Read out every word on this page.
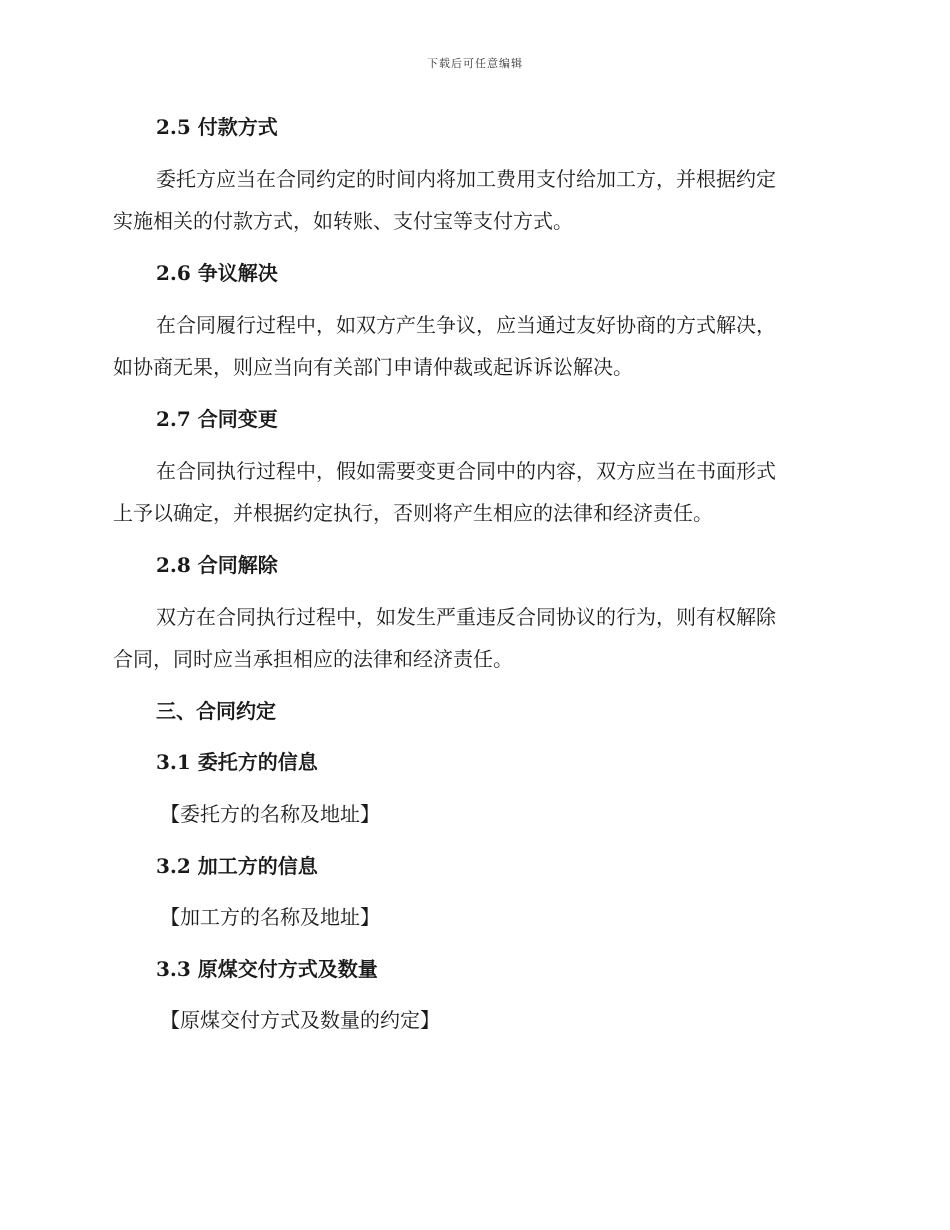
下载后可任意编辑
2.5 付款方式
委托方应当在合同约定的时间内将加工费用支付给加工方，并根据约定
实施相关的付款方式，如转账、支付宝等支付方式。
2.6 争议解决
在合同履行过程中，如双方产生争议，应当通过友好协商的方式解决，
如协商无果，则应当向有关部门申请仲裁或起诉诉讼解决。
2.7 合同变更
在合同执行过程中，假如需要变更合同中的内容，双方应当在书面形式
上予以确定，并根据约定执行，否则将产生相应的法律和经济责任。
2.8 合同解除
双方在合同执行过程中，如发生严重违反合同协议的行为，则有权解除
合同，同时应当承担相应的法律和经济责任。
三、合同约定
3.1 委托方的信息
【委托方的名称及地址】
3.2 加工方的信息
【加工方的名称及地址】
3.3 原煤交付方式及数量
【原煤交付方式及数量的约定】
